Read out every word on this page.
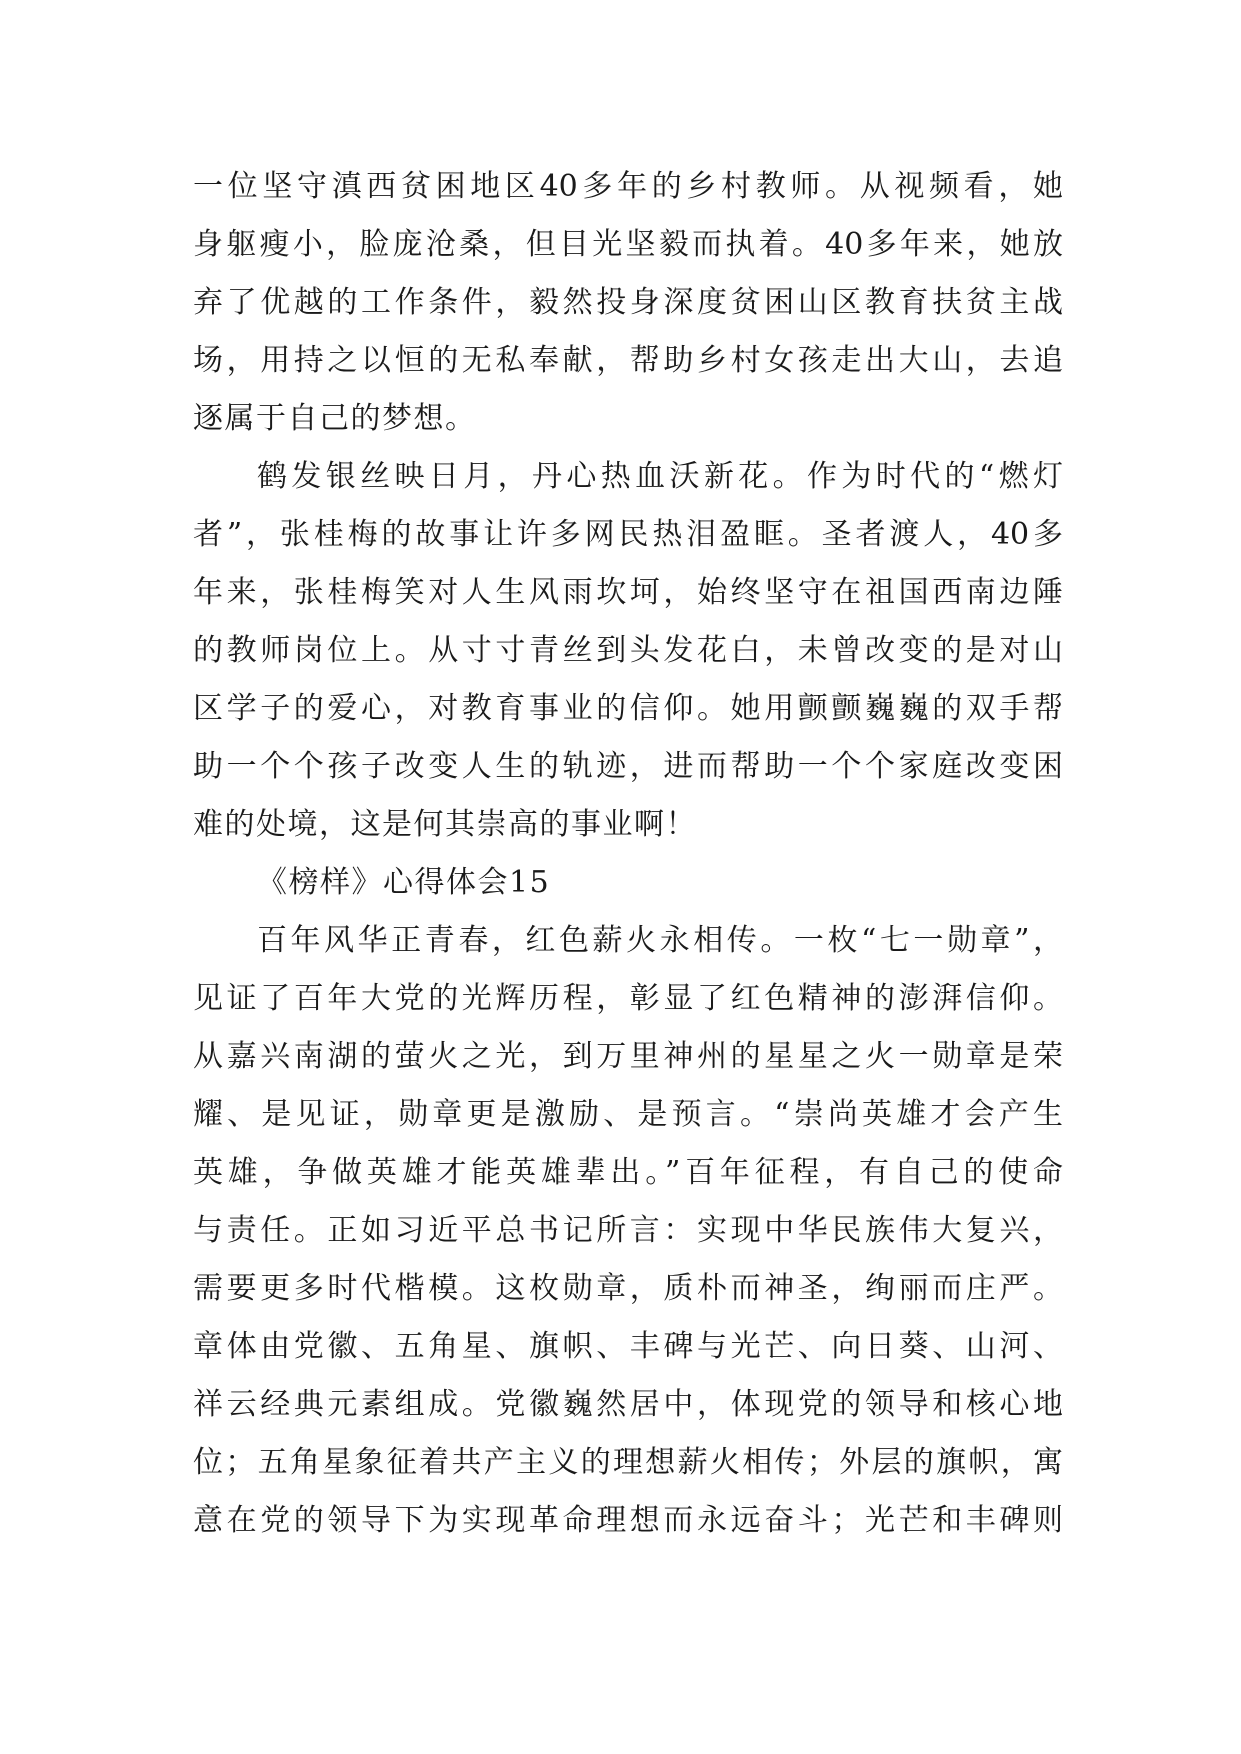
一位坚守滇西贫困地区40多年的乡村教师。从视频看，她
身躯瘦小，脸庞沧桑，但目光坚毅而执着。40多年来，她放
弃了优越的工作条件，毅然投身深度贫困山区教育扶贫主战
场，用持之以恒的无私奉献，帮助乡村女孩走出大山，去追
逐属于自己的梦想。
鹤发银丝映日月，丹心热血沃新花。作为时代的“燃灯
者”，张桂梅的故事让许多网民热泪盈眶。圣者渡人，40多
年来，张桂梅笑对人生风雨坎坷，始终坚守在祖国西南边陲
的教师岗位上。从寸寸青丝到头发花白，未曾改变的是对山
区学子的爱心，对教育事业的信仰。她用颤颤巍巍的双手帮
助一个个孩子改变人生的轨迹，进而帮助一个个家庭改变困
难的处境，这是何其崇高的事业啊！
《榜样》心得体会15
百年风华正青春，红色薪火永相传。一枚“七一勋章”，
见证了百年大党的光辉历程，彰显了红色精神的澎湃信仰。
从嘉兴南湖的萤火之光，到万里神州的星星之火一勋章是荣
耀、是见证，勋章更是激励、是预言。“崇尚英雄才会产生
英雄，争做英雄才能英雄辈出。”百年征程，有自己的使命
与责任。正如习近平总书记所言：实现中华民族伟大复兴，
需要更多时代楷模。这枚勋章，质朴而神圣，绚丽而庄严。
章体由党徽、五角星、旗帜、丰碑与光芒、向日葵、山河、
祥云经典元素组成。党徽巍然居中，体现党的领导和核心地
位；五角星象征着共产主义的理想薪火相传；外层的旗帜，寓
意在党的领导下为实现革命理想而永远奋斗；光芒和丰碑则
